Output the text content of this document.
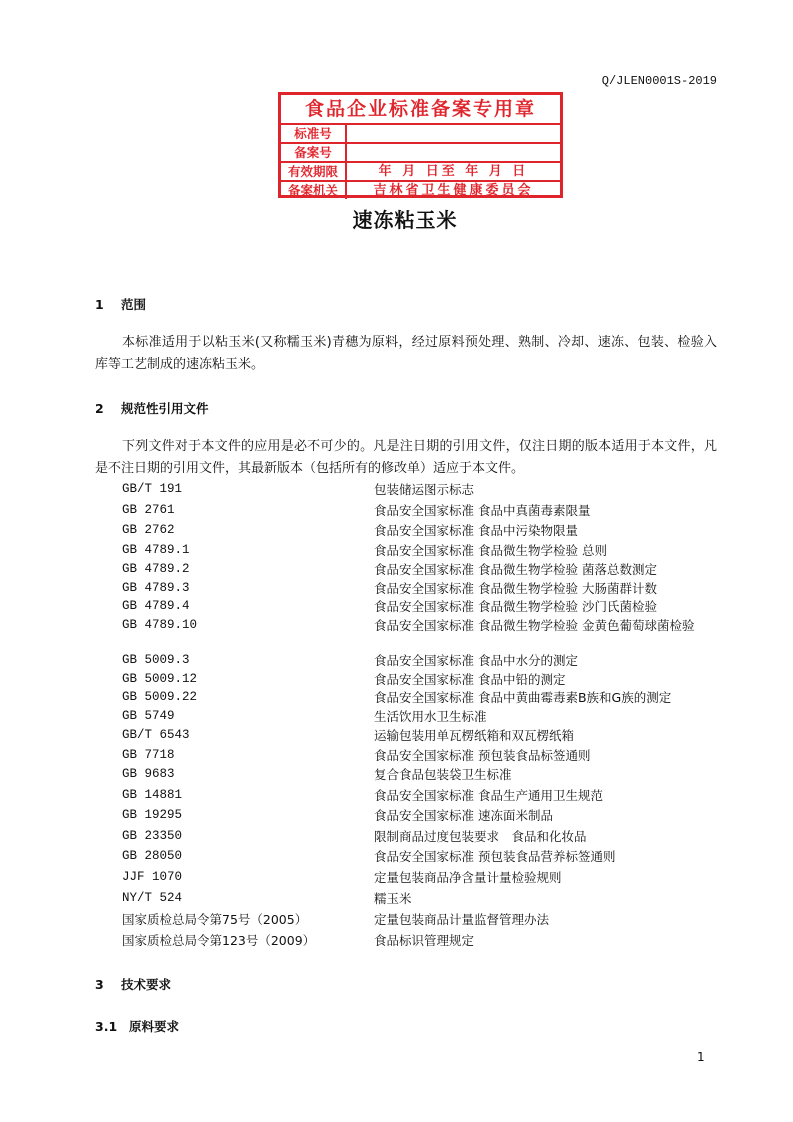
Q/JLEN0001S-2019
食品企业标准备案专用章
标准号
备案号
有效期限	年 月 日至 年 月 日
备案机关	吉林省卫生健康委员会
速冻粘玉米
1 范围
本标准适用于以粘玉米(又称糯玉米)青穗为原料，经过原料预处理、熟制、冷却、速冻、包装、检验入库等工艺制成的速冻粘玉米。
2 规范性引用文件
下列文件对于本文件的应用是必不可少的。凡是注日期的引用文件，仅注日期的版本适用于本文件，凡是不注日期的引用文件，其最新版本（包括所有的修改单）适应于本文件。
GB/T 191	包装储运图示标志
GB 2761	食品安全国家标准 食品中真菌毒素限量
GB 2762	食品安全国家标准 食品中污染物限量
GB 4789.1	食品安全国家标准 食品微生物学检验 总则
GB 4789.2	食品安全国家标准 食品微生物学检验 菌落总数测定
GB 4789.3	食品安全国家标准 食品微生物学检验 大肠菌群计数
GB 4789.4	食品安全国家标准 食品微生物学检验 沙门氏菌检验
GB 4789.10	食品安全国家标准 食品微生物学检验 金黄色葡萄球菌检验
GB 5009.3	食品安全国家标准 食品中水分的测定
GB 5009.12	食品安全国家标准 食品中铅的测定
GB 5009.22	食品安全国家标准 食品中黄曲霉毒素B族和G族的测定
GB 5749	生活饮用水卫生标准
GB/T 6543	运输包装用单瓦楞纸箱和双瓦楞纸箱
GB 7718	食品安全国家标准 预包装食品标签通则
GB 9683	复合食品包装袋卫生标准
GB 14881	食品安全国家标准 食品生产通用卫生规范
GB 19295	食品安全国家标准 速冻面米制品
GB 23350	限制商品过度包装要求　食品和化妆品
GB 28050	食品安全国家标准 预包装食品营养标签通则
JJF 1070	定量包装商品净含量计量检验规则
NY/T 524	糯玉米
国家质检总局令第75号（2005）	定量包装商品计量监督管理办法
国家质检总局令第123号（2009）	食品标识管理规定
3 技术要求
3.1 原料要求
1
